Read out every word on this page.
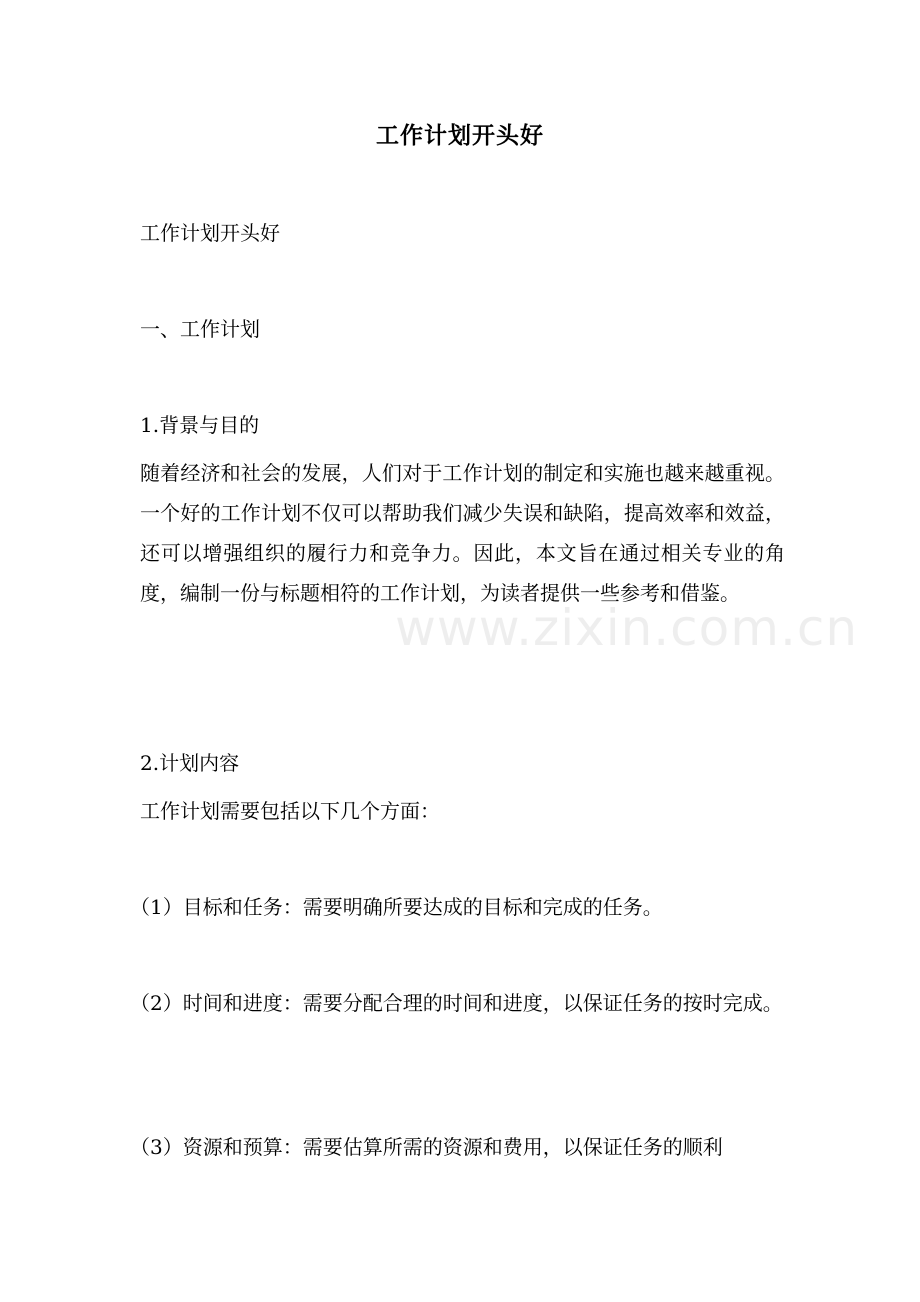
工作计划开头好
工作计划开头好
一、工作计划
1.背景与目的
随着经济和社会的发展，人们对于工作计划的制定和实施也越来越重视。一个好的工作计划不仅可以帮助我们减少失误和缺陷，提高效率和效益，还可以增强组织的履行力和竞争力。因此，本文旨在通过相关专业的角度，编制一份与标题相符的工作计划，为读者提供一些参考和借鉴。
2.计划内容
工作计划需要包括以下几个方面：
（1）目标和任务：需要明确所要达成的目标和完成的任务。
（2）时间和进度：需要分配合理的时间和进度，以保证任务的按时完成。
（3）资源和预算：需要估算所需的资源和费用，以保证任务的顺利
www.zixin.com.cn
